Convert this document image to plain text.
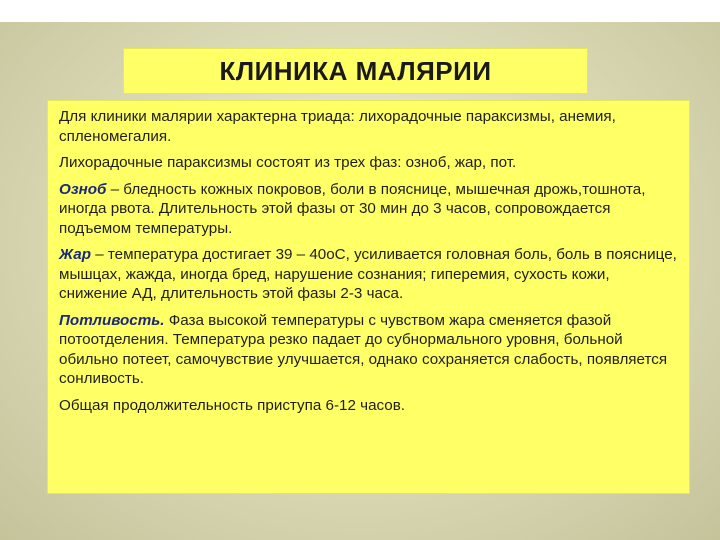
КЛИНИКА МАЛЯРИИ

Для клиники малярии характерна триада: лихорадочные параксизмы, анемия, спленомегалия.

Лихорадочные параксизмы состоят из трех фаз: озноб, жар, пот.

Озноб – бледность кожных покровов, боли в пояснице, мышечная дрожь,тошнота, иногда рвота. Длительность этой фазы от 30 мин до 3 часов, сопровождается подъемом температуры.

Жар – температура достигает 39 – 40оС, усиливается головная боль, боль в пояснице, мышцах, жажда, иногда бред, нарушение сознания; гиперемия, сухость кожи, снижение АД, длительность этой фазы 2-3 часа.

Потливость. Фаза высокой температуры с чувством жара сменяется фазой потоотделения. Температура резко падает до субнормального уровня, больной обильно потеет, самочувствие улучшается, однако сохраняется слабость, появляется сонливость.

Общая продолжительность приступа 6-12 часов.
